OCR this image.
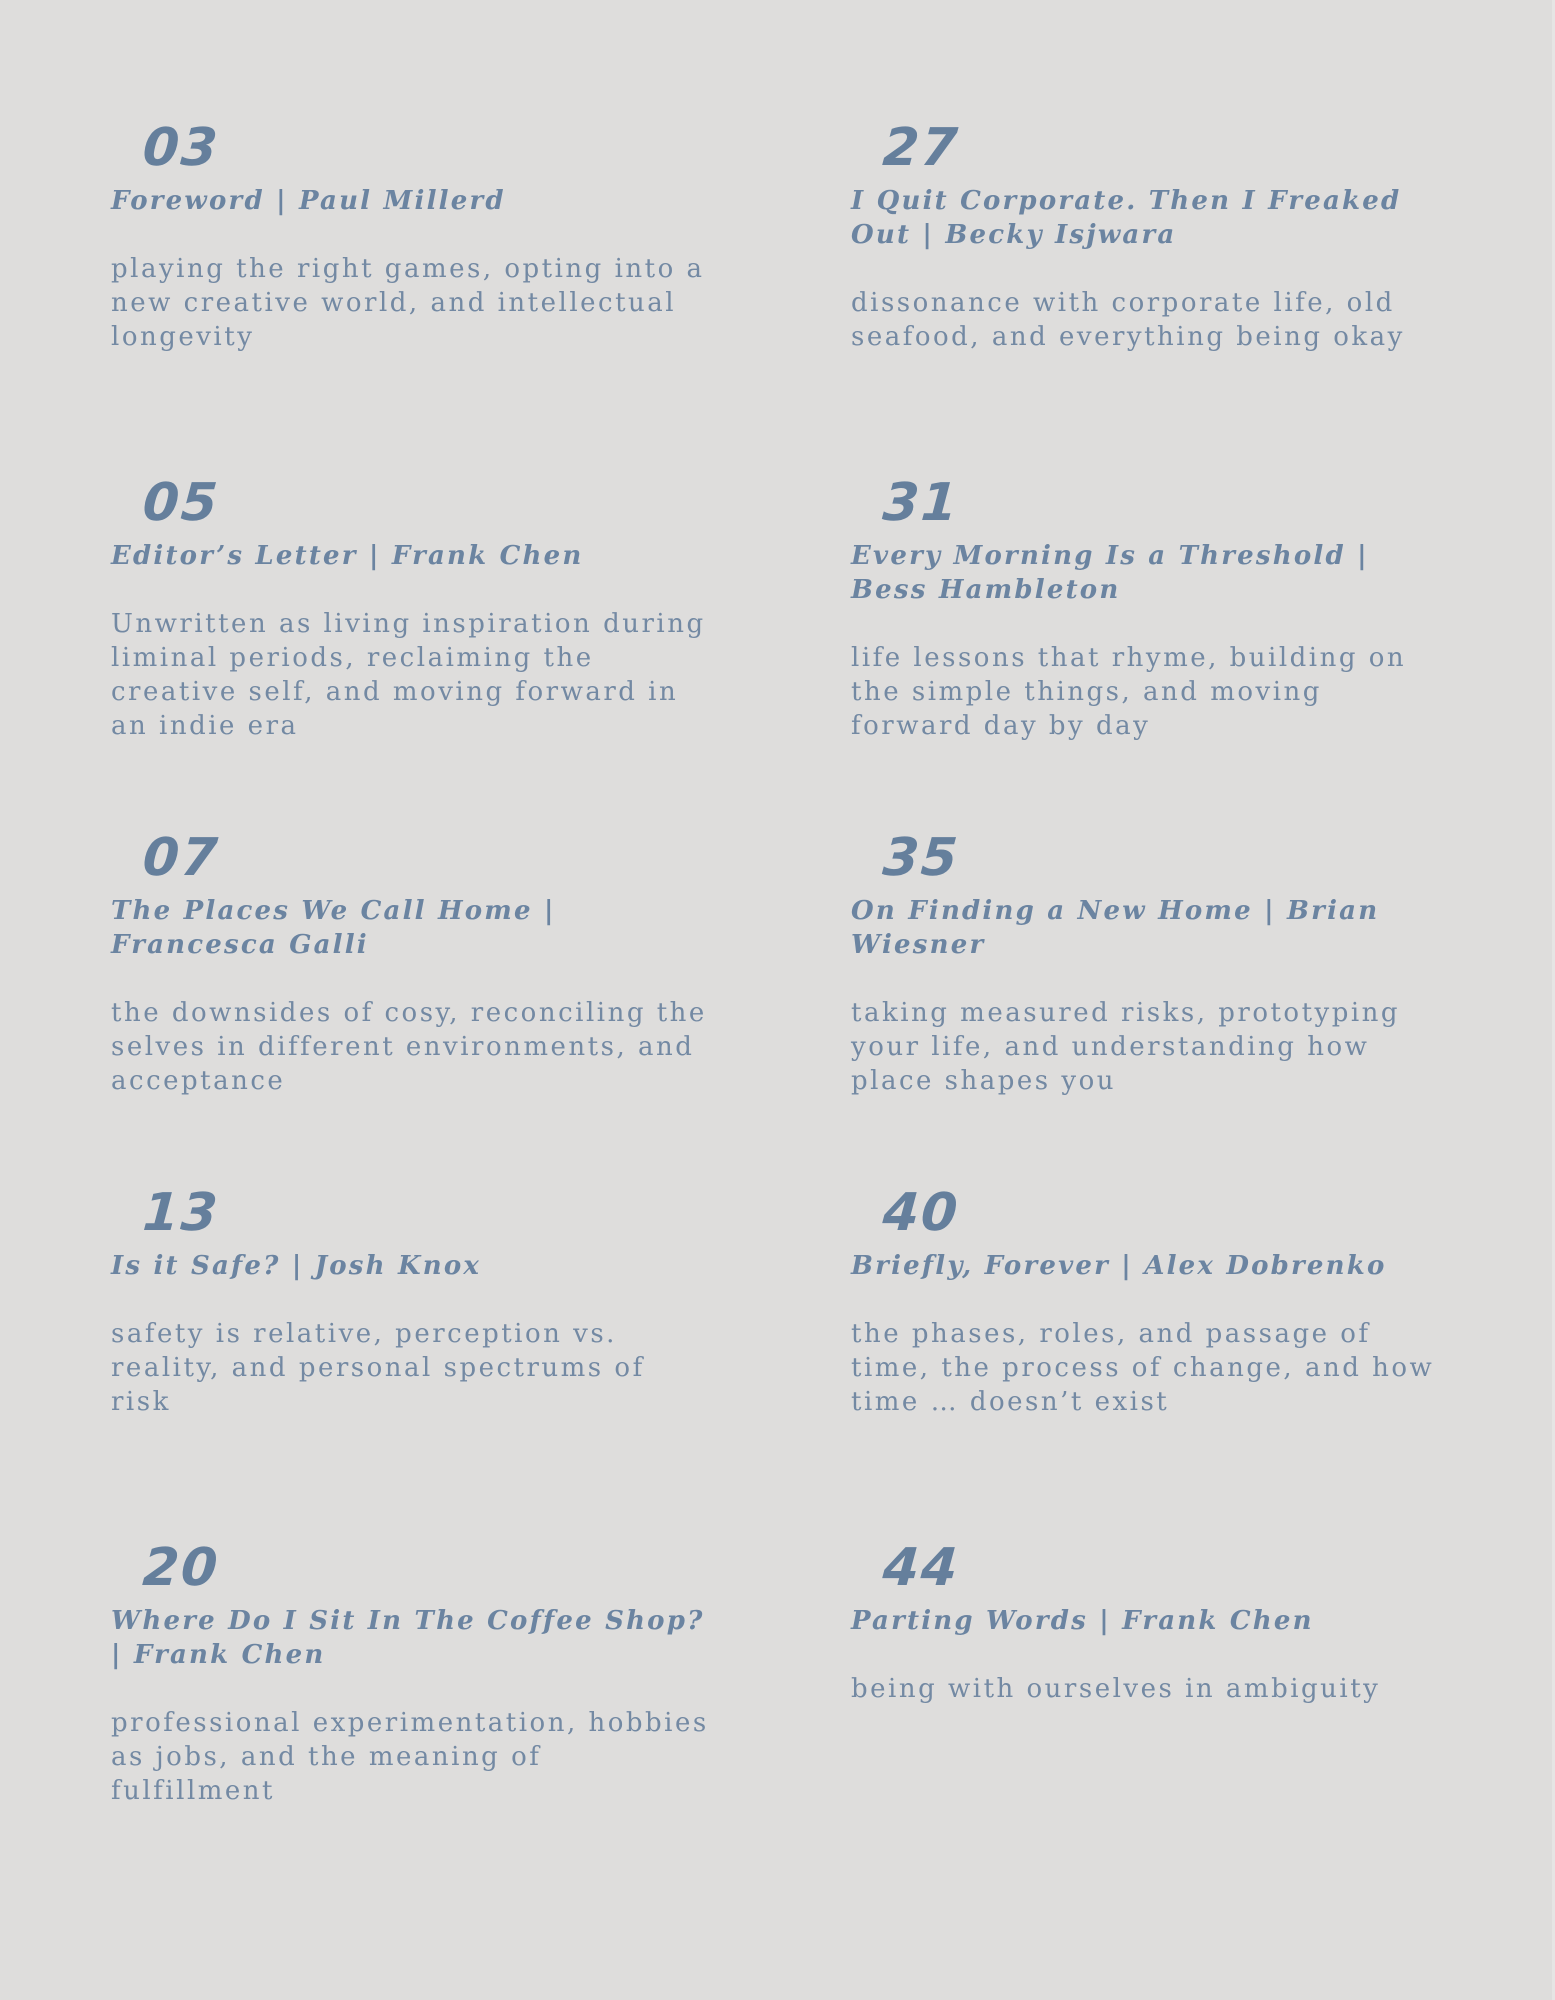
03
Foreword | Paul Millerd
playing the right games, opting into a new creative world, and intellectual longevity
05
Editor’s Letter | Frank Chen
Unwritten as living inspiration during liminal periods, reclaiming the creative self, and moving forward in an indie era
07
The Places We Call Home | Francesca Galli
the downsides of cosy, reconciling the selves in different environments, and acceptance
13
Is it Safe? | Josh Knox
safety is relative, perception vs. reality, and personal spectrums of risk
20
Where Do I Sit In The Coffee Shop? | Frank Chen
professional experimentation, hobbies as jobs, and the meaning of fulfillment
27
I Quit Corporate. Then I Freaked Out | Becky Isjwara
dissonance with corporate life, old seafood, and everything being okay
31
Every Morning Is a Threshold | Bess Hambleton
life lessons that rhyme, building on the simple things, and moving forward day by day
35
On Finding a New Home | Brian Wiesner
taking measured risks, prototyping your life, and understanding how place shapes you
40
Briefly, Forever | Alex Dobrenko
the phases, roles, and passage of time, the process of change, and how time … doesn’t exist
44
Parting Words | Frank Chen
being with ourselves in ambiguity
